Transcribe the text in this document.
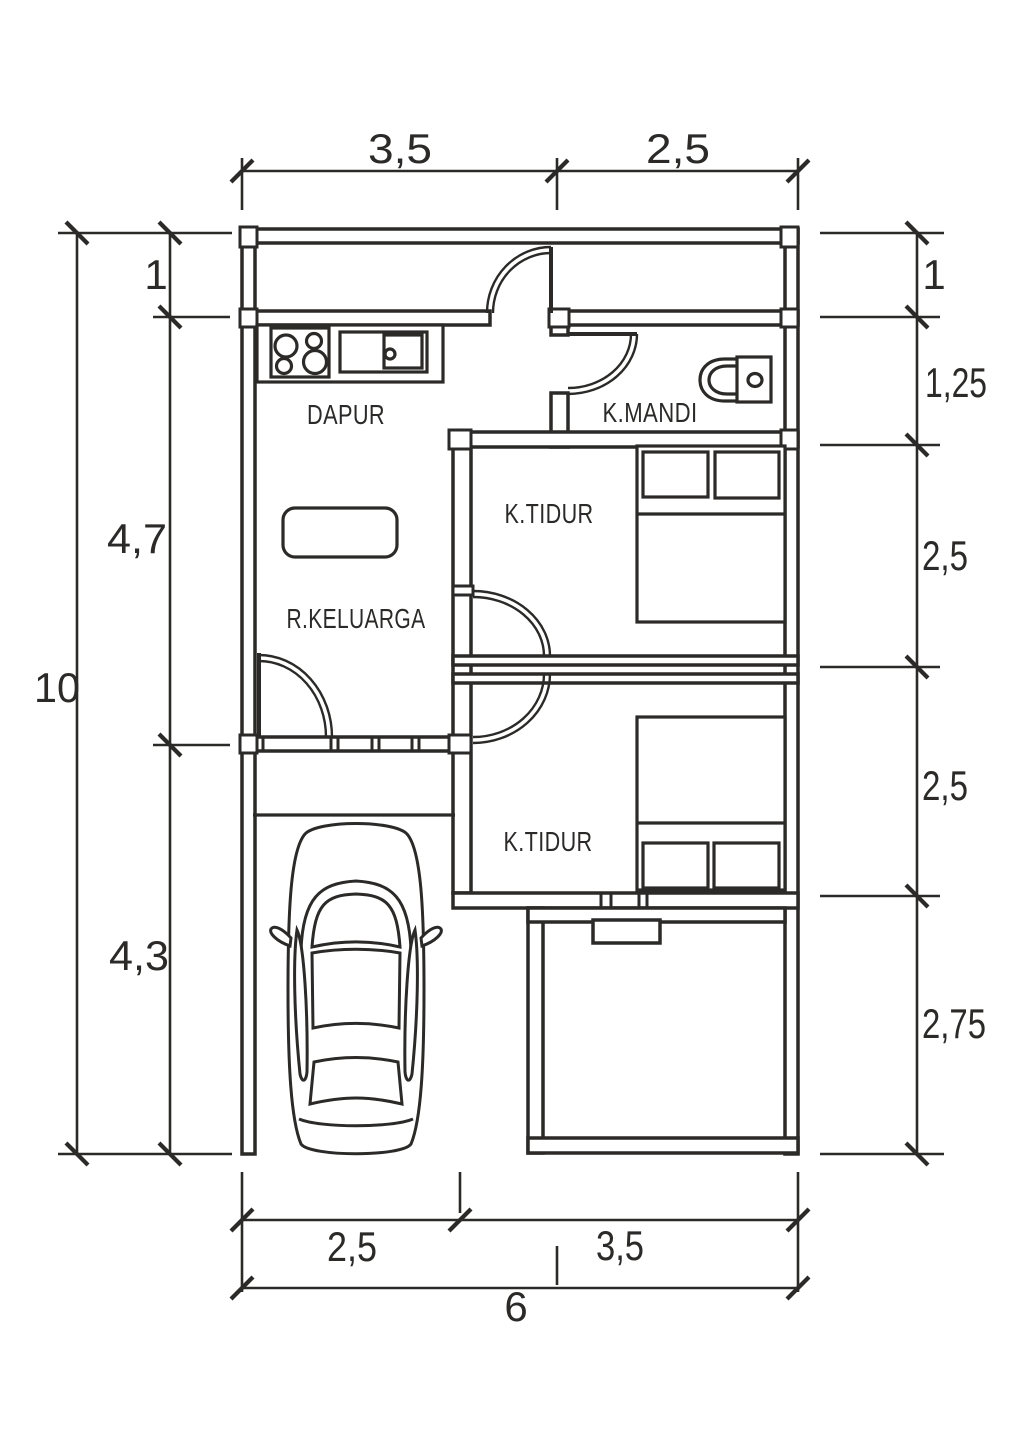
3,5	2,5
10
1
4,7
4,3
1
1,25
2,5
2,5
2,75
2,5	3,5
6
DAPUR	K.MANDI
K.TIDUR
R.KELUARGA
K.TIDUR
